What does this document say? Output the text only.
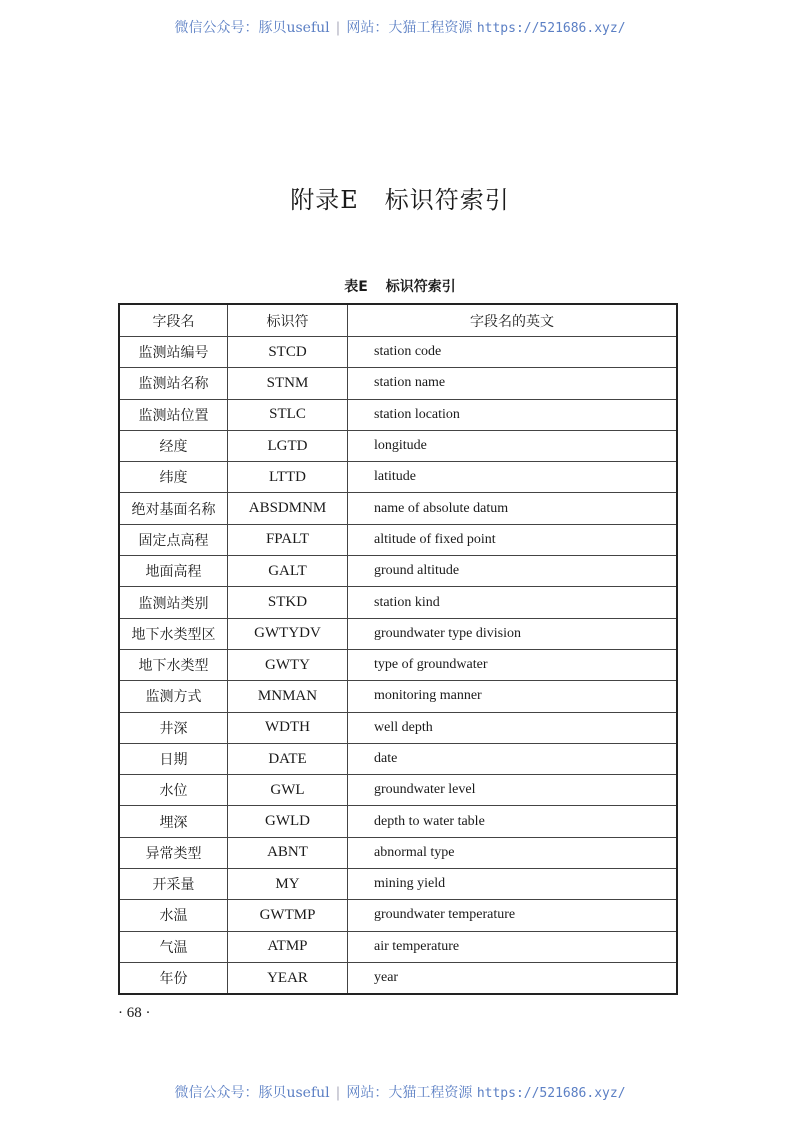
微信公众号：豚贝useful | 网站：大猫工程资源 https://521686.xyz/
附录E 标识符索引
表E 标识符索引
字段名	标识符	字段名的英文
监测站编号	STCD	station code
监测站名称	STNM	station name
监测站位置	STLC	station location
经度	LGTD	longitude
纬度	LTTD	latitude
绝对基面名称	ABSDMNM	name of absolute datum
固定点高程	FPALT	altitude of fixed point
地面高程	GALT	ground altitude
监测站类别	STKD	station kind
地下水类型区	GWTYDV	groundwater type division
地下水类型	GWTY	type of groundwater
监测方式	MNMAN	monitoring manner
井深	WDTH	well depth
日期	DATE	date
水位	GWL	groundwater level
埋深	GWLD	depth to water table
异常类型	ABNT	abnormal type
开采量	MY	mining yield
水温	GWTMP	groundwater temperature
气温	ATMP	air temperature
年份	YEAR	year
· 68 ·
微信公众号：豚贝useful | 网站：大猫工程资源 https://521686.xyz/
